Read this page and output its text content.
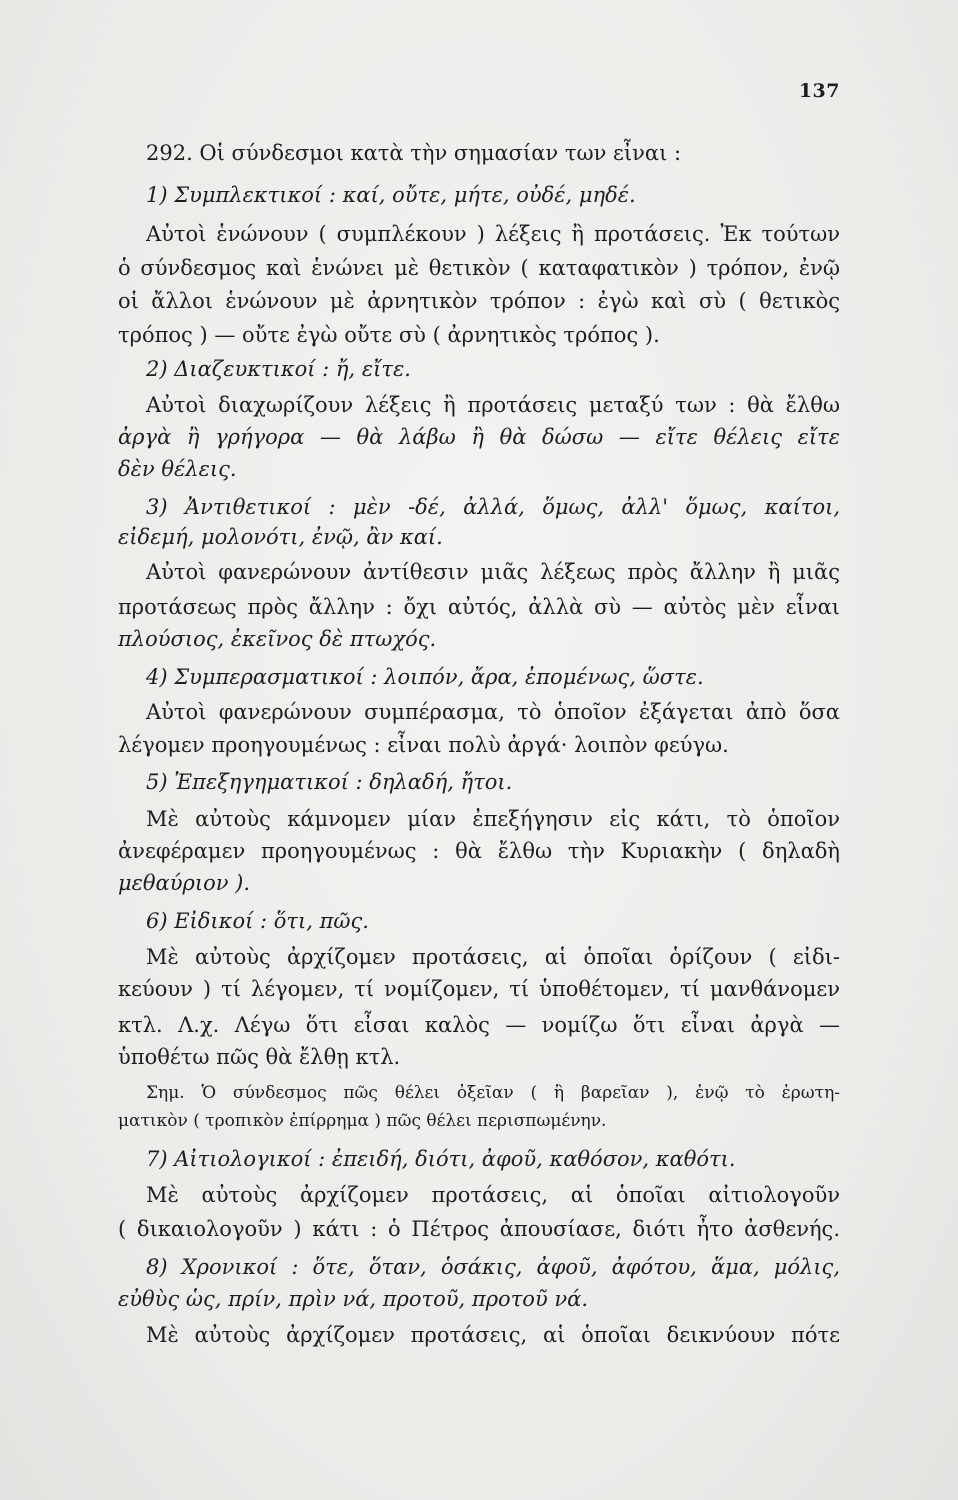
137
292. Οἱ σύνδεσμοι κατὰ τὴν σημασίαν των εἶναι :
1) Συμπλεκτικοί : καί, οὔτε, μήτε, οὐδέ, μηδέ.
Αὐτοὶ ἑνώνουν ( συμπλέκουν ) λέξεις ἢ προτάσεις. Ἐκ τούτων
ὁ σύνδεσμος καὶ ἑνώνει μὲ θετικὸν ( καταφατικὸν ) τρόπον, ἐνῷ
οἱ ἄλλοι ἑνώνουν μὲ ἀρνητικὸν τρόπον : ἐγὼ καὶ σὺ ( θετικὸς
τρόπος ) — οὔτε ἐγὼ οὔτε σὺ ( ἀρνητικὸς τρόπος ).
2) Διαζευκτικοί : ἤ, εἴτε.
Αὐτοὶ διαχωρίζουν λέξεις ἢ προτάσεις μεταξύ των : θὰ ἔλθω
ἀργὰ ἢ γρήγορα — θὰ λάβω ἢ θὰ δώσω — εἴτε θέλεις εἴτε
δὲν θέλεις.
3) Ἀντιθετικοί : μὲν -δέ, ἀλλά, ὅμως, ἀλλ' ὅμως, καίτοι,
εἰδεμή, μολονότι, ἐνῷ, ἂν καί.
Αὐτοὶ φανερώνουν ἀντίθεσιν μιᾶς λέξεως πρὸς ἄλλην ἢ μιᾶς
προτάσεως πρὸς ἄλλην : ὄχι αὐτός, ἀλλὰ σὺ — αὐτὸς μὲν εἶναι
πλούσιος, ἐκεῖνος δὲ πτωχός.
4) Συμπερασματικοί : λοιπόν, ἄρα, ἐπομένως, ὥστε.
Αὐτοὶ φανερώνουν συμπέρασμα, τὸ ὁποῖον ἐξάγεται ἀπὸ ὅσα
λέγομεν προηγουμένως : εἶναι πολὺ ἀργά· λοιπὸν φεύγω.
5) Ἐπεξηγηματικοί : δηλαδή, ἤτοι.
Μὲ αὐτοὺς κάμνομεν μίαν ἐπεξήγησιν εἰς κάτι, τὸ ὁποῖον
ἀνεφέραμεν προηγουμένως : θὰ ἔλθω τὴν Κυριακὴν ( δηλαδὴ
μεθαύριον ).
6) Εἰδικοί : ὅτι, πῶς.
Μὲ αὐτοὺς ἀρχίζομεν προτάσεις, αἱ ὁποῖαι ὁρίζουν ( εἰδι-
κεύουν ) τί λέγομεν, τί νομίζομεν, τί ὑποθέτομεν, τί μανθάνομεν
κτλ. Λ.χ. Λέγω ὅτι εἶσαι καλὸς — νομίζω ὅτι εἶναι ἀργὰ —
ὑποθέτω πῶς θὰ ἔλθῃ κτλ.
Σημ. Ὁ σύνδεσμος πῶς θέλει ὀξεῖαν ( ἢ βαρεῖαν ), ἐνῷ τὸ ἐρωτη-
ματικὸν ( τροπικὸν ἐπίρρημα ) πῶς θέλει περισπωμένην.
7) Αἰτιολογικοί : ἐπειδή, διότι, ἀφοῦ, καθόσον, καθότι.
Μὲ αὐτοὺς ἀρχίζομεν προτάσεις, αἱ ὁποῖαι αἰτιολογοῦν
( δικαιολογοῦν ) κάτι : ὁ Πέτρος ἀπουσίασε, διότι ἦτο ἀσθενής.
8) Χρονικοί : ὅτε, ὅταν, ὁσάκις, ἀφοῦ, ἀφότου, ἅμα, μόλις,
εὐθὺς ὡς, πρίν, πρὶν νά, προτοῦ, προτοῦ νά.
Μὲ αὐτοὺς ἀρχίζομεν προτάσεις, αἱ ὁποῖαι δεικνύουν πότε
